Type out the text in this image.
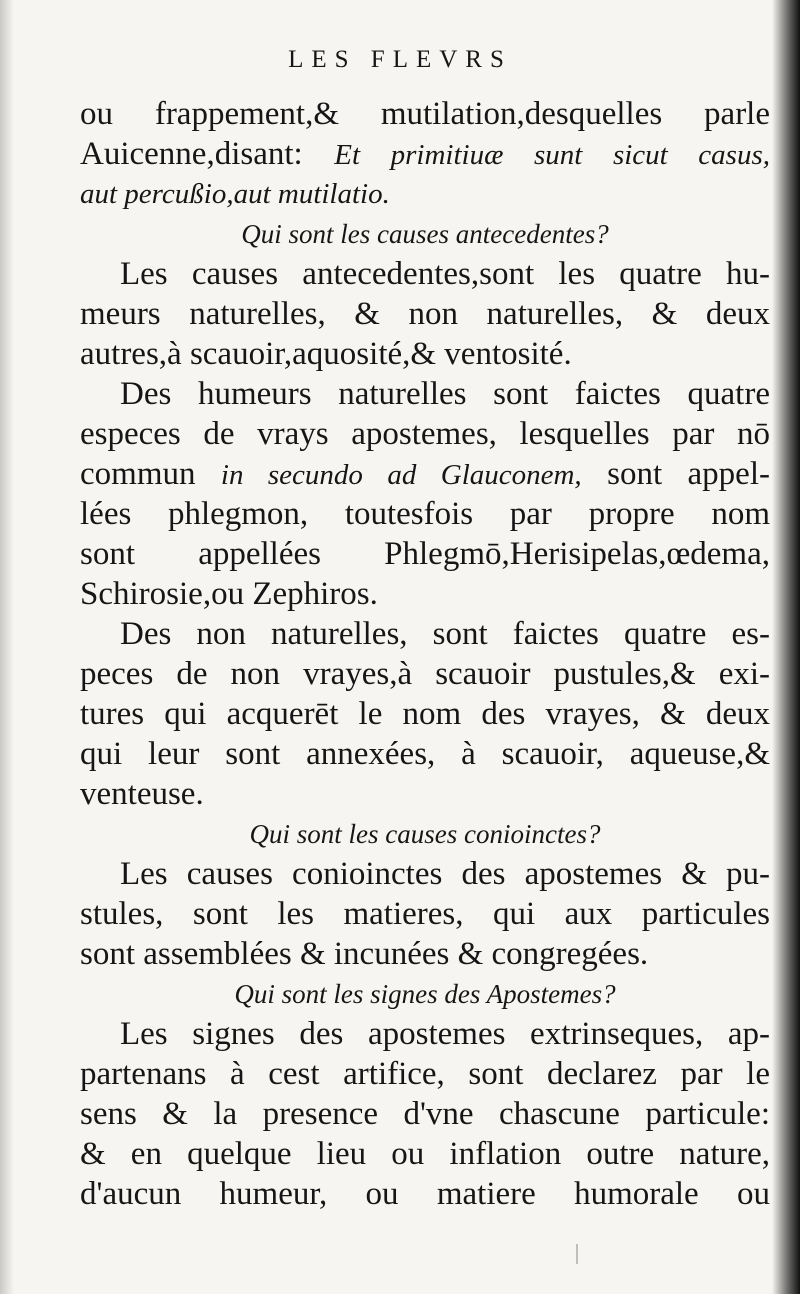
LES FLEVRS
ou frappement,& mutilation,desquelles parle
Auicenne,disant: Et primitiuæ sunt sicut casus,
aut percußio,aut mutilatio.
Qui sont les causes antecedentes?
Les causes antecedentes,sont les quatre hu-
meurs naturelles, & non naturelles, & deux
autres,à scauoir,aquosité,& ventosité.
Des humeurs naturelles sont faictes quatre
especes de vrays apostemes, lesquelles par nō
commun in secundo ad Glauconem, sont appel-
lées phlegmon, toutesfois par propre nom
sont appellées Phlegmō,Herisipelas,œdema,
Schirosie,ou Zephiros.
Des non naturelles, sont faictes quatre es-
peces de non vrayes,à scauoir pustules,& exi-
tures qui acquerēt le nom des vrayes, & deux
qui leur sont annexées, à scauoir, aqueuse,&
venteuse.
Qui sont les causes conioinctes?
Les causes conioinctes des apostemes & pu-
stules, sont les matieres, qui aux particules
sont assemblées & incunées & congregées.
Qui sont les signes des Apostemes?
Les signes des apostemes extrinseques, ap-
partenans à cest artifice, sont declarez par le
sens & la presence d'vne chascune particule:
& en quelque lieu ou inflation outre nature,
d'aucun humeur, ou matiere humorale ou
